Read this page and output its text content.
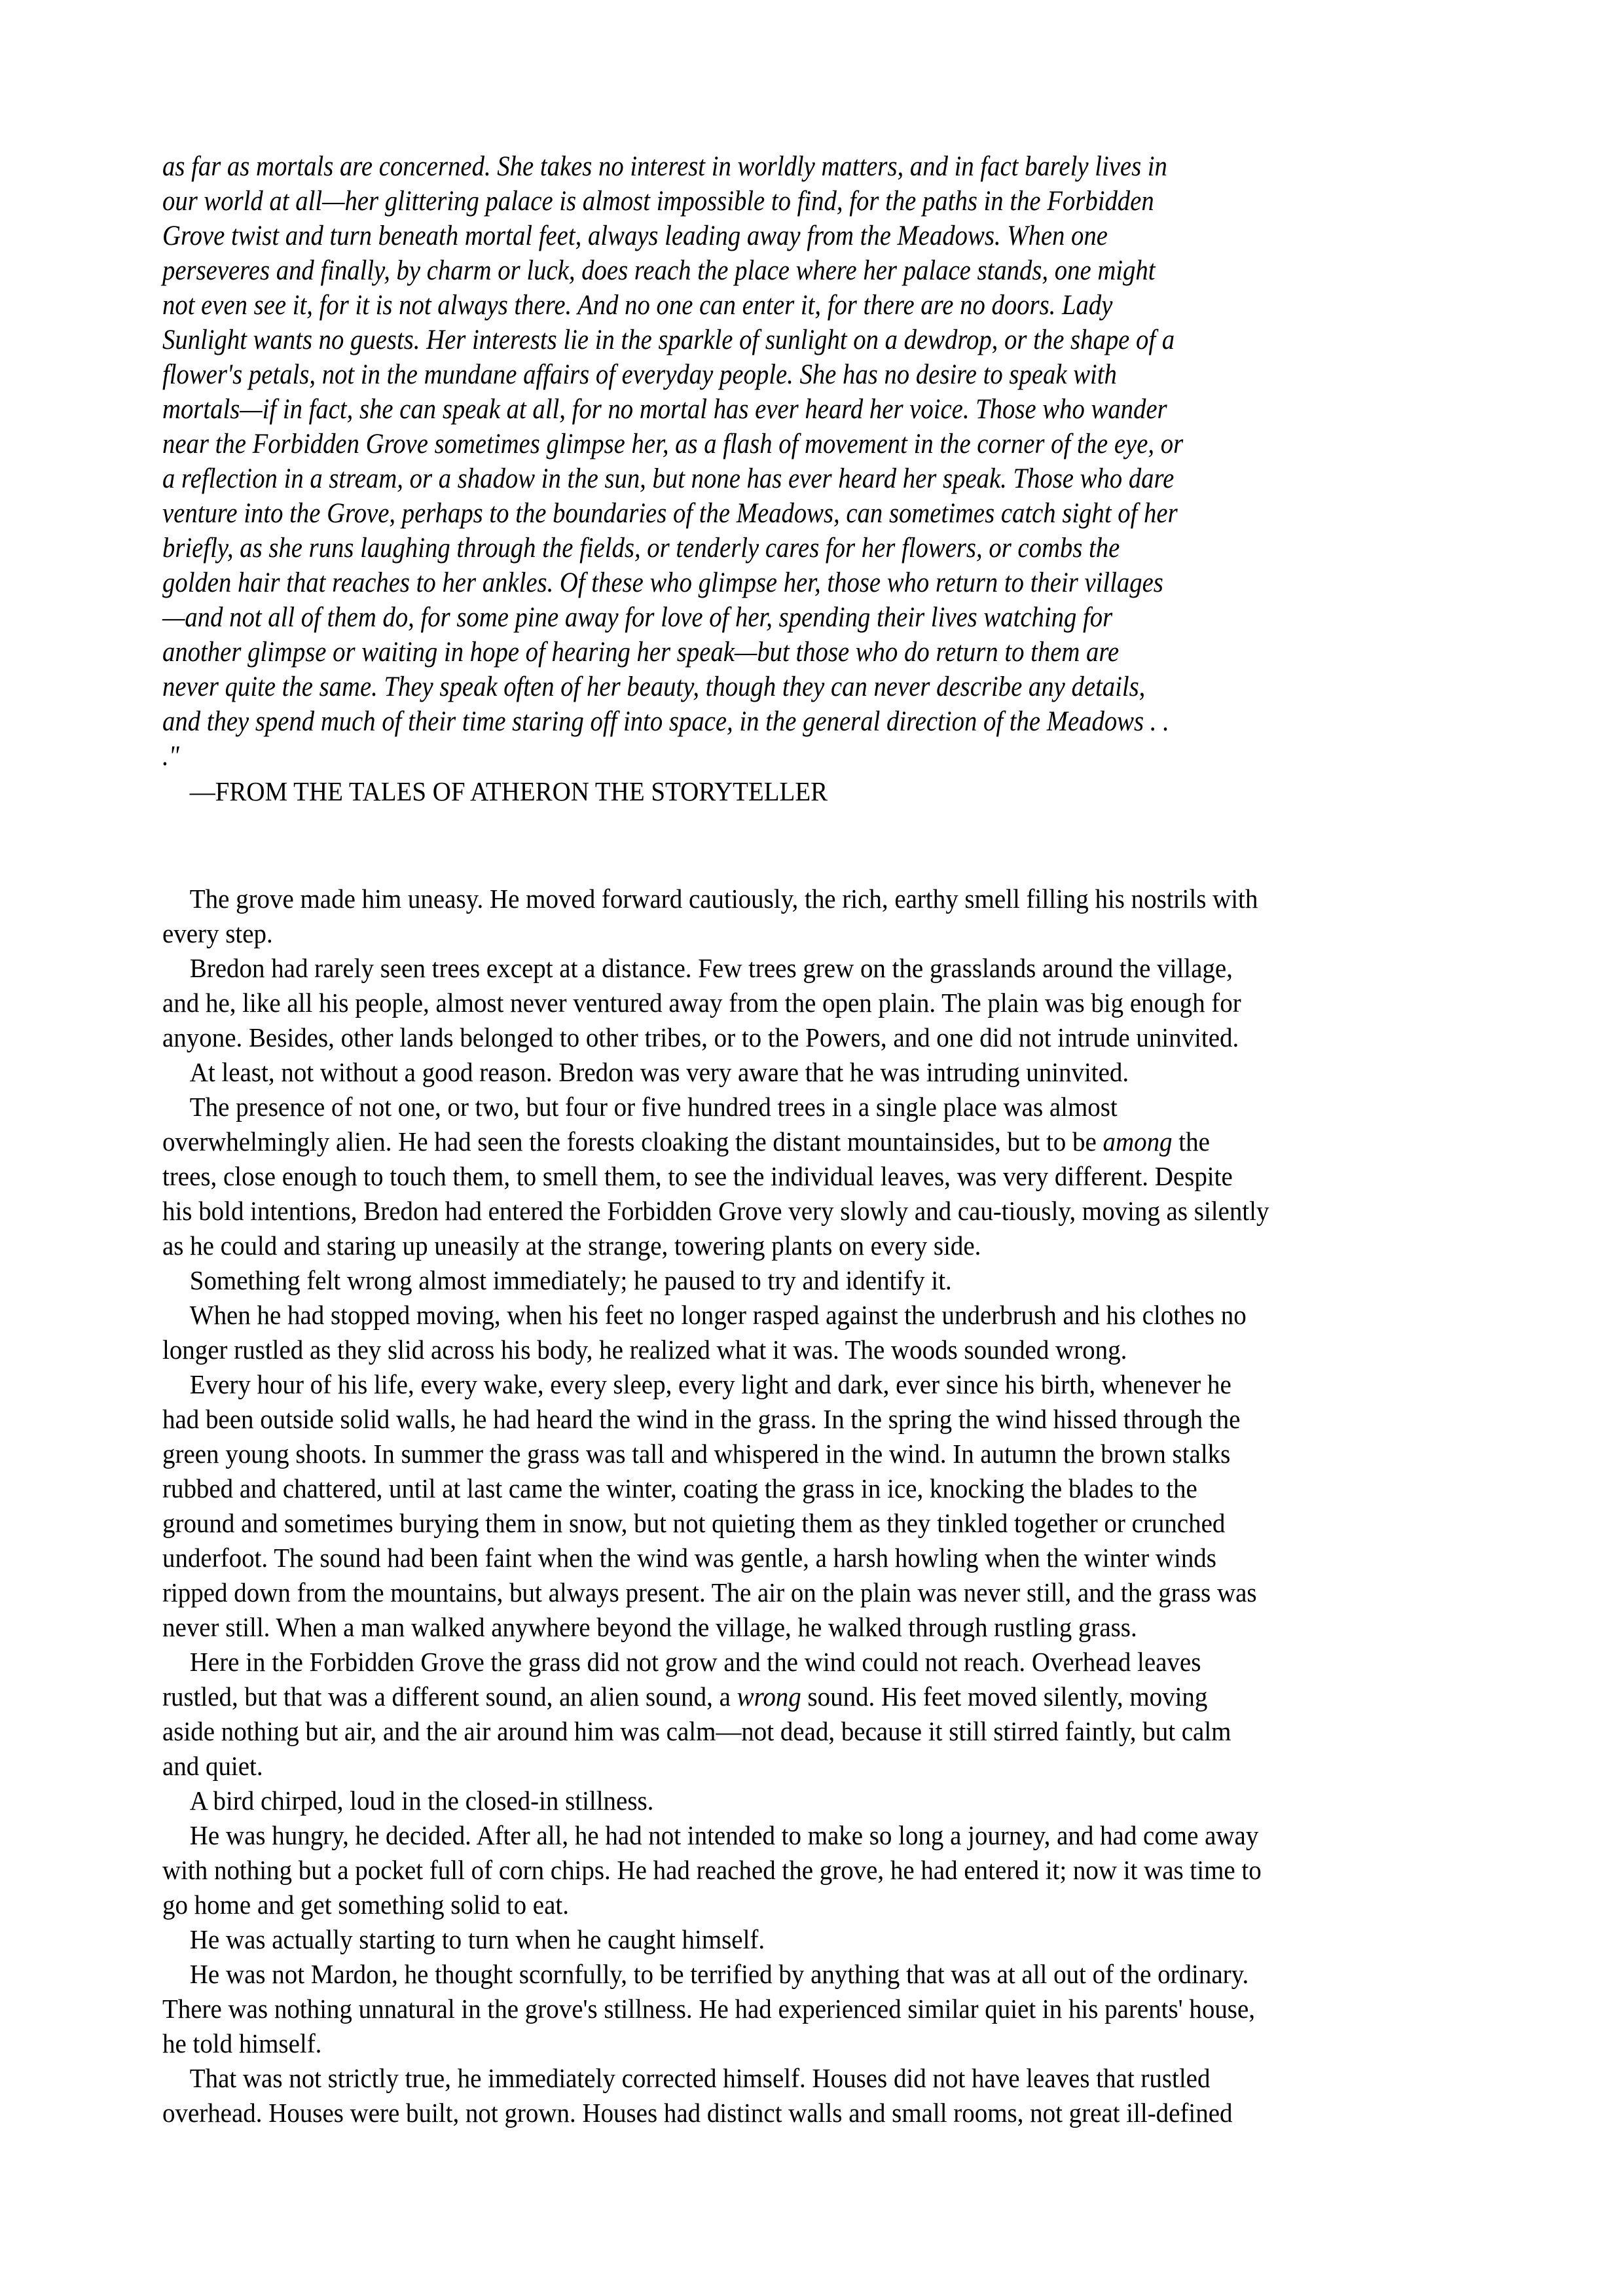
as far as mortals are concerned. She takes no interest in worldly matters, and in fact barely lives in
our world at all—her glittering palace is almost impossible to find, for the paths in the Forbidden
Grove twist and turn beneath mortal feet, always leading away from the Meadows. When one
perseveres and finally, by charm or luck, does reach the place where her palace stands, one might
not even see it, for it is not always there. And no one can enter it, for there are no doors. Lady
Sunlight wants no guests. Her interests lie in the sparkle of sunlight on a dewdrop, or the shape of a
flower's petals, not in the mundane affairs of everyday people. She has no desire to speak with
mortals—if in fact, she can speak at all, for no mortal has ever heard her voice. Those who wander
near the Forbidden Grove sometimes glimpse her, as a flash of movement in the corner of the eye, or
a reflection in a stream, or a shadow in the sun, but none has ever heard her speak. Those who dare
venture into the Grove, perhaps to the boundaries of the Meadows, can sometimes catch sight of her
briefly, as she runs laughing through the fields, or tenderly cares for her flowers, or combs the
golden hair that reaches to her ankles. Of these who glimpse her, those who return to their villages
—and not all of them do, for some pine away for love of her, spending their lives watching for
another glimpse or waiting in hope of hearing her speak—but those who do return to them are
never quite the same. They speak often of her beauty, though they can never describe any details,
and they spend much of their time staring off into space, in the general direction of the Meadows . .
."
—FROM THE TALES OF ATHERON THE STORYTELLER
The grove made him uneasy. He moved forward cautiously, the rich, earthy smell filling his nostrils with
every step.
Bredon had rarely seen trees except at a distance. Few trees grew on the grasslands around the village,
and he, like all his people, almost never ventured away from the open plain. The plain was big enough for
anyone. Besides, other lands belonged to other tribes, or to the Powers, and one did not intrude uninvited.
At least, not without a good reason. Bredon was very aware that he was intruding uninvited.
The presence of not one, or two, but four or five hundred trees in a single place was almost
overwhelmingly alien. He had seen the forests cloaking the distant mountainsides, but to be among the
trees, close enough to touch them, to smell them, to see the individual leaves, was very different. Despite
his bold intentions, Bredon had entered the Forbidden Grove very slowly and cau-tiously, moving as silently
as he could and staring up uneasily at the strange, towering plants on every side.
Something felt wrong almost immediately; he paused to try and identify it.
When he had stopped moving, when his feet no longer rasped against the underbrush and his clothes no
longer rustled as they slid across his body, he realized what it was. The woods sounded wrong.
Every hour of his life, every wake, every sleep, every light and dark, ever since his birth, whenever he
had been outside solid walls, he had heard the wind in the grass. In the spring the wind hissed through the
green young shoots. In summer the grass was tall and whispered in the wind. In autumn the brown stalks
rubbed and chattered, until at last came the winter, coating the grass in ice, knocking the blades to the
ground and sometimes burying them in snow, but not quieting them as they tinkled together or crunched
underfoot. The sound had been faint when the wind was gentle, a harsh howling when the winter winds
ripped down from the mountains, but always present. The air on the plain was never still, and the grass was
never still. When a man walked anywhere beyond the village, he walked through rustling grass.
Here in the Forbidden Grove the grass did not grow and the wind could not reach. Overhead leaves
rustled, but that was a different sound, an alien sound, a wrong sound. His feet moved silently, moving
aside nothing but air, and the air around him was calm—not dead, because it still stirred faintly, but calm
and quiet.
A bird chirped, loud in the closed-in stillness.
He was hungry, he decided. After all, he had not intended to make so long a journey, and had come away
with nothing but a pocket full of corn chips. He had reached the grove, he had entered it; now it was time to
go home and get something solid to eat.
He was actually starting to turn when he caught himself.
He was not Mardon, he thought scornfully, to be terrified by anything that was at all out of the ordinary.
There was nothing unnatural in the grove's stillness. He had experienced similar quiet in his parents' house,
he told himself.
That was not strictly true, he immediately corrected himself. Houses did not have leaves that rustled
overhead. Houses were built, not grown. Houses had distinct walls and small rooms, not great ill-defined
